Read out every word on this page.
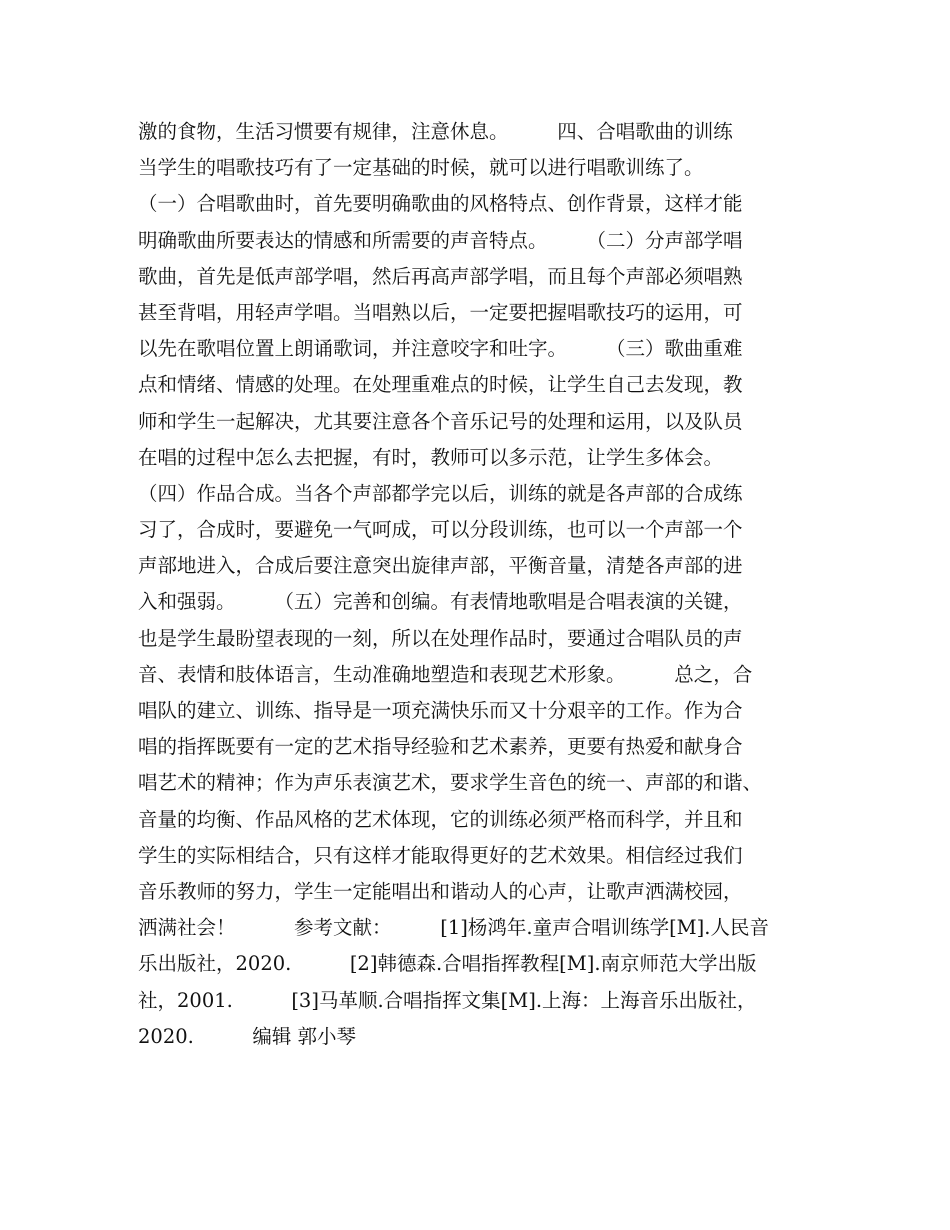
激的食物，生活习惯要有规律，注意休息。　　　四、合唱歌曲的训练
当学生的唱歌技巧有了一定基础的时候，就可以进行唱歌训练了。
（一）合唱歌曲时，首先要明确歌曲的风格特点、创作背景，这样才能
明确歌曲所要表达的情感和所需要的声音特点。　　　（二）分声部学唱
歌曲，首先是低声部学唱，然后再高声部学唱，而且每个声部必须唱熟
甚至背唱，用轻声学唱。当唱熟以后，一定要把握唱歌技巧的运用，可
以先在歌唱位置上朗诵歌词，并注意咬字和吐字。　　　（三）歌曲重难
点和情绪、情感的处理。在处理重难点的时候，让学生自己去发现，教
师和学生一起解决，尤其要注意各个音乐记号的处理和运用，以及队员
在唱的过程中怎么去把握，有时，教师可以多示范，让学生多体会。
（四）作品合成。当各个声部都学完以后，训练的就是各声部的合成练
习了，合成时，要避免一气呵成，可以分段训练，也可以一个声部一个
声部地进入，合成后要注意突出旋律声部，平衡音量，清楚各声部的进
入和强弱。　　　（五）完善和创编。有表情地歌唱是合唱表演的关键，
也是学生最盼望表现的一刻，所以在处理作品时，要通过合唱队员的声
音、表情和肢体语言，生动准确地塑造和表现艺术形象。　　　总之，合
唱队的建立、训练、指导是一项充满快乐而又十分艰辛的工作。作为合
唱的指挥既要有一定的艺术指导经验和艺术素养，更要有热爱和献身合
唱艺术的精神；作为声乐表演艺术，要求学生音色的统一、声部的和谐、
音量的均衡、作品风格的艺术体现，它的训练必须严格而科学，并且和
学生的实际相结合，只有这样才能取得更好的艺术效果。相信经过我们
音乐教师的努力，学生一定能唱出和谐动人的心声，让歌声洒满校园，
洒满社会！　　　参考文献：　　　[1]杨鸿年.童声合唱训练学[M].人民音
乐出版社，2020.　　　[2]韩德森.合唱指挥教程[M].南京师范大学出版
社，2001.　　　[3]马革顺.合唱指挥文集[M].上海：上海音乐出版社，
2020.　　　编辑 郭小琴
